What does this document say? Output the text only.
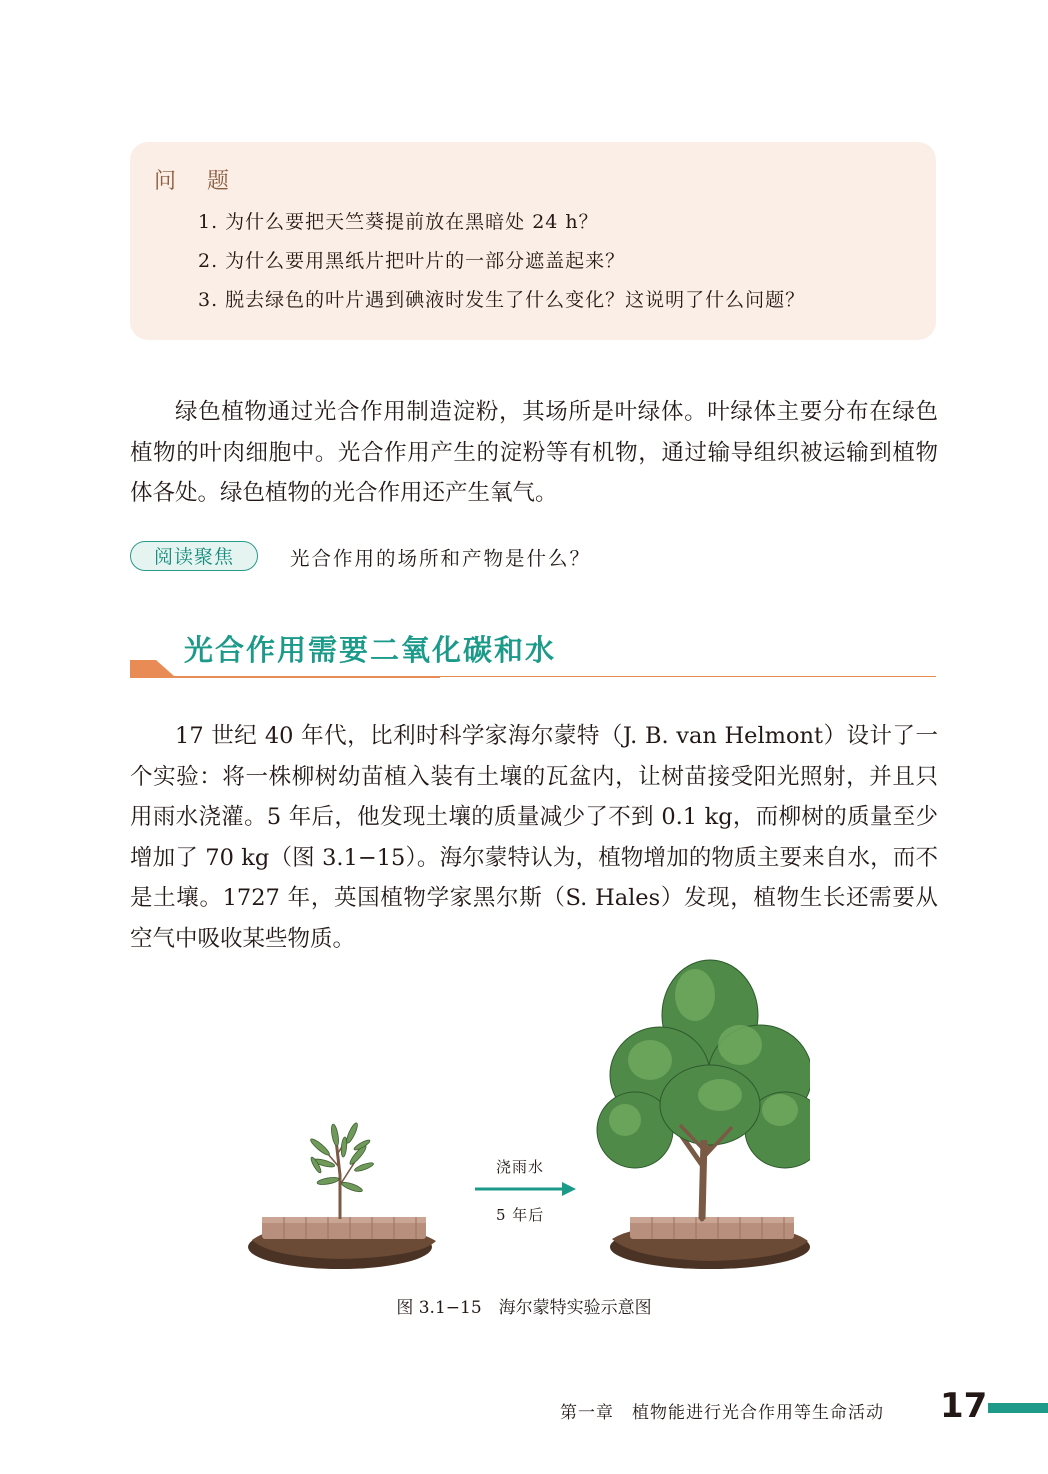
问 题
1. 为什么要把天竺葵提前放在黑暗处 24 h？
2. 为什么要用黑纸片把叶片的一部分遮盖起来？
3. 脱去绿色的叶片遇到碘液时发生了什么变化？这说明了什么问题？

绿色植物通过光合作用制造淀粉，其场所是叶绿体。叶绿体主要分布在绿色植物的叶肉细胞中。光合作用产生的淀粉等有机物，通过输导组织被运输到植物体各处。绿色植物的光合作用还产生氧气。

阅读聚焦	光合作用的场所和产物是什么？
光合作用需要二氧化碳和水

17 世纪 40 年代，比利时科学家海尔蒙特（J. B. van Helmont）设计了一个实验：将一株柳树幼苗植入装有土壤的瓦盆内，让树苗接受阳光照射，并且只用雨水浇灌。5 年后，他发现土壤的质量减少了不到 0.1 kg，而柳树的质量至少增加了 70 kg（图 3.1−15）。海尔蒙特认为，植物增加的物质主要来自水，而不是土壤。1727 年，英国植物学家黑尔斯（S. Hales）发现，植物生长还需要从空气中吸收某些物质。

浇雨水
5 年后
图 3.1−15　海尔蒙特实验示意图
第一章　植物能进行光合作用等生命活动 17
